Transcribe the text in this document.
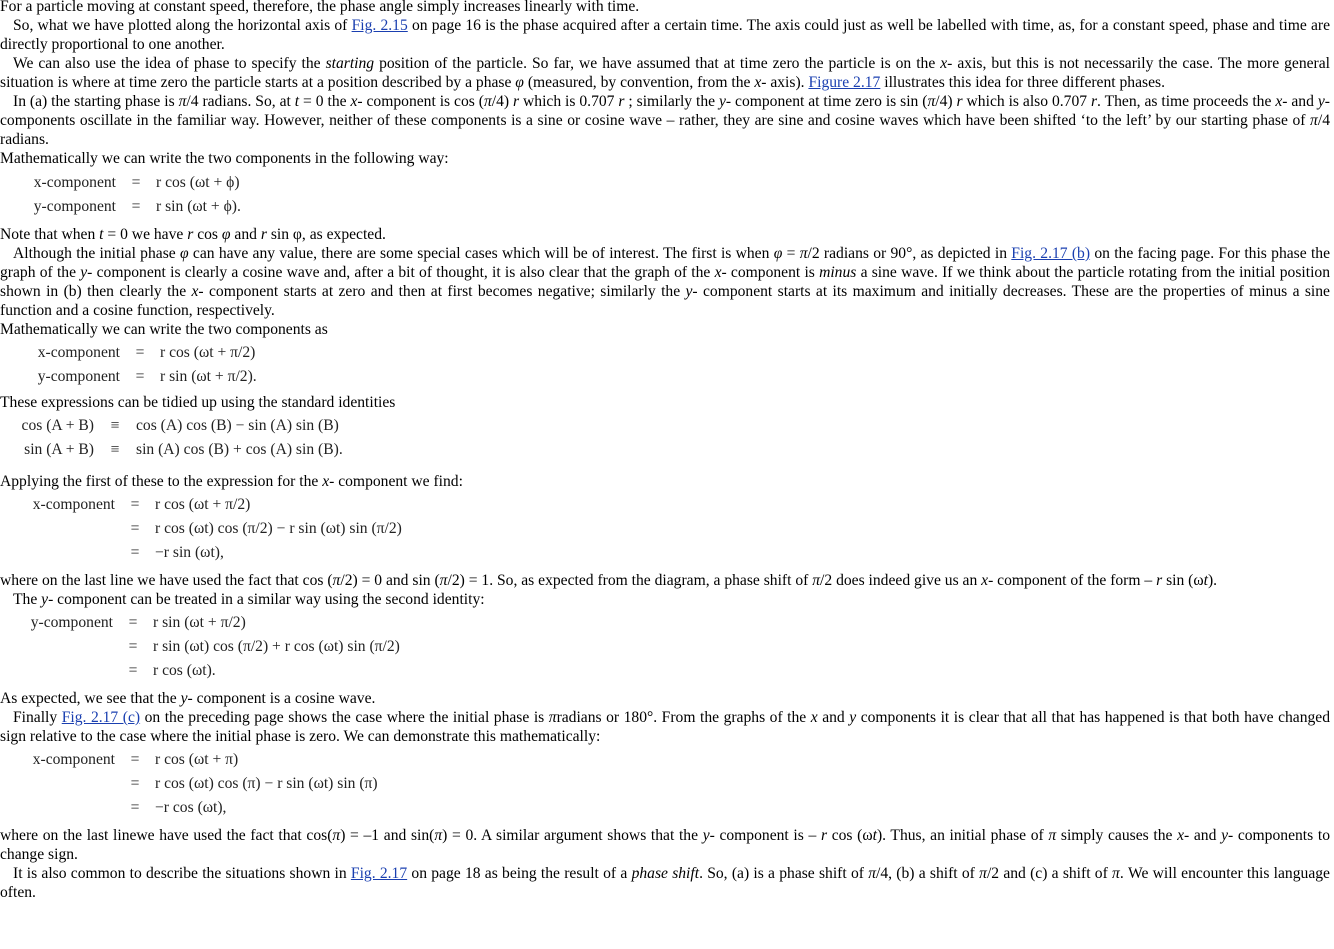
For a particle moving at constant speed, therefore, the phase angle simply increases linearly with time.

So, what we have plotted along the horizontal axis of Fig. 2.15 on page 16 is the phase acquired after a certain time. The axis could just as well be labelled with time, as, for a constant speed, phase and time are directly proportional to one another.

We can also use the idea of phase to specify the starting position of the particle. So far, we have assumed that at time zero the particle is on the x- axis, but this is not necessarily the case. The more general situation is where at time zero the particle starts at a position described by a phase φ (measured, by convention, from the x- axis). Figure 2.17 illustrates this idea for three different phases.

In (a) the starting phase is π/4 radians. So, at t = 0 the x- component is cos (π/4) r which is 0.707 r ; similarly the y- component at time zero is sin (π/4) r which is also 0.707 r. Then, as time proceeds the x- and y- components oscillate in the familiar way. However, neither of these components is a sine or cosine wave – rather, they are sine and cosine waves which have been shifted ‘to the left’ by our starting phase of π/4 radians.

Mathematically we can write the two components in the following way:

x-component =	r cos (ωt + ϕ)
y-component =	r sin (ωt + ϕ).

Note that when t = 0 we have r cos φ and r sin φ, as expected.

Although the initial phase φ can have any value, there are some special cases which will be of interest. The first is when φ = π/2 radians or 90°, as depicted in Fig. 2.17 (b) on the facing page. For this phase the graph of the y- component is clearly a cosine wave and, after a bit of thought, it is also clear that the graph of the x- component is minus a sine wave. If we think about the particle rotating from the initial position shown in (b) then clearly the x- component starts at zero and then at first becomes negative; similarly the y- component starts at its maximum and initially decreases. These are the properties of minus a sine function and a cosine function, respectively.

Mathematically we can write the two components as

x-component =	r cos (ωt + π/2)
y-component =	r sin (ωt + π/2).

These expressions can be tidied up using the standard identities

cos (A + B)	≡	cos (A) cos (B) − sin (A) sin (B)
sin (A + B)	≡	sin (A) cos (B) + cos (A) sin (B).

Applying the first of these to the expression for the x- component we find:

x-component =	r cos (ωt + π/2)
=	r cos (ωt) cos (π/2) − r sin (ωt) sin (π/2)
=	−r sin (ωt),

where on the last line we have used the fact that cos (π/2) = 0 and sin (π/2) = 1. So, as expected from the diagram, a phase shift of π/2 does indeed give us an x- component of the form – r sin (ωt).

The y- component can be treated in a similar way using the second identity:

y-component =	r sin (ωt + π/2)
=	r sin (ωt) cos (π/2) + r cos (ωt) sin (π/2)
=	r cos (ωt).

As expected, we see that the y- component is a cosine wave.

Finally Fig. 2.17 (c) on the preceding page shows the case where the initial phase is πradians or 180°. From the graphs of the x and y components it is clear that all that has happened is that both have changed sign relative to the case where the initial phase is zero. We can demonstrate this mathematically:

x-component =	r cos (ωt + π)
=	r cos (ωt) cos (π) − r sin (ωt) sin (π)
=	−r cos (ωt),

where on the last linewe have used the fact that cos(π) = –1 and sin(π) = 0. A similar argument shows that the y- component is – r cos (ωt). Thus, an initial phase of π simply causes the x- and y- components to change sign.

It is also common to describe the situations shown in Fig. 2.17 on page 18 as being the result of a phase shift. So, (a) is a phase shift of π/4, (b) a shift of π/2 and (c) a shift of π. We will encounter this language often.
